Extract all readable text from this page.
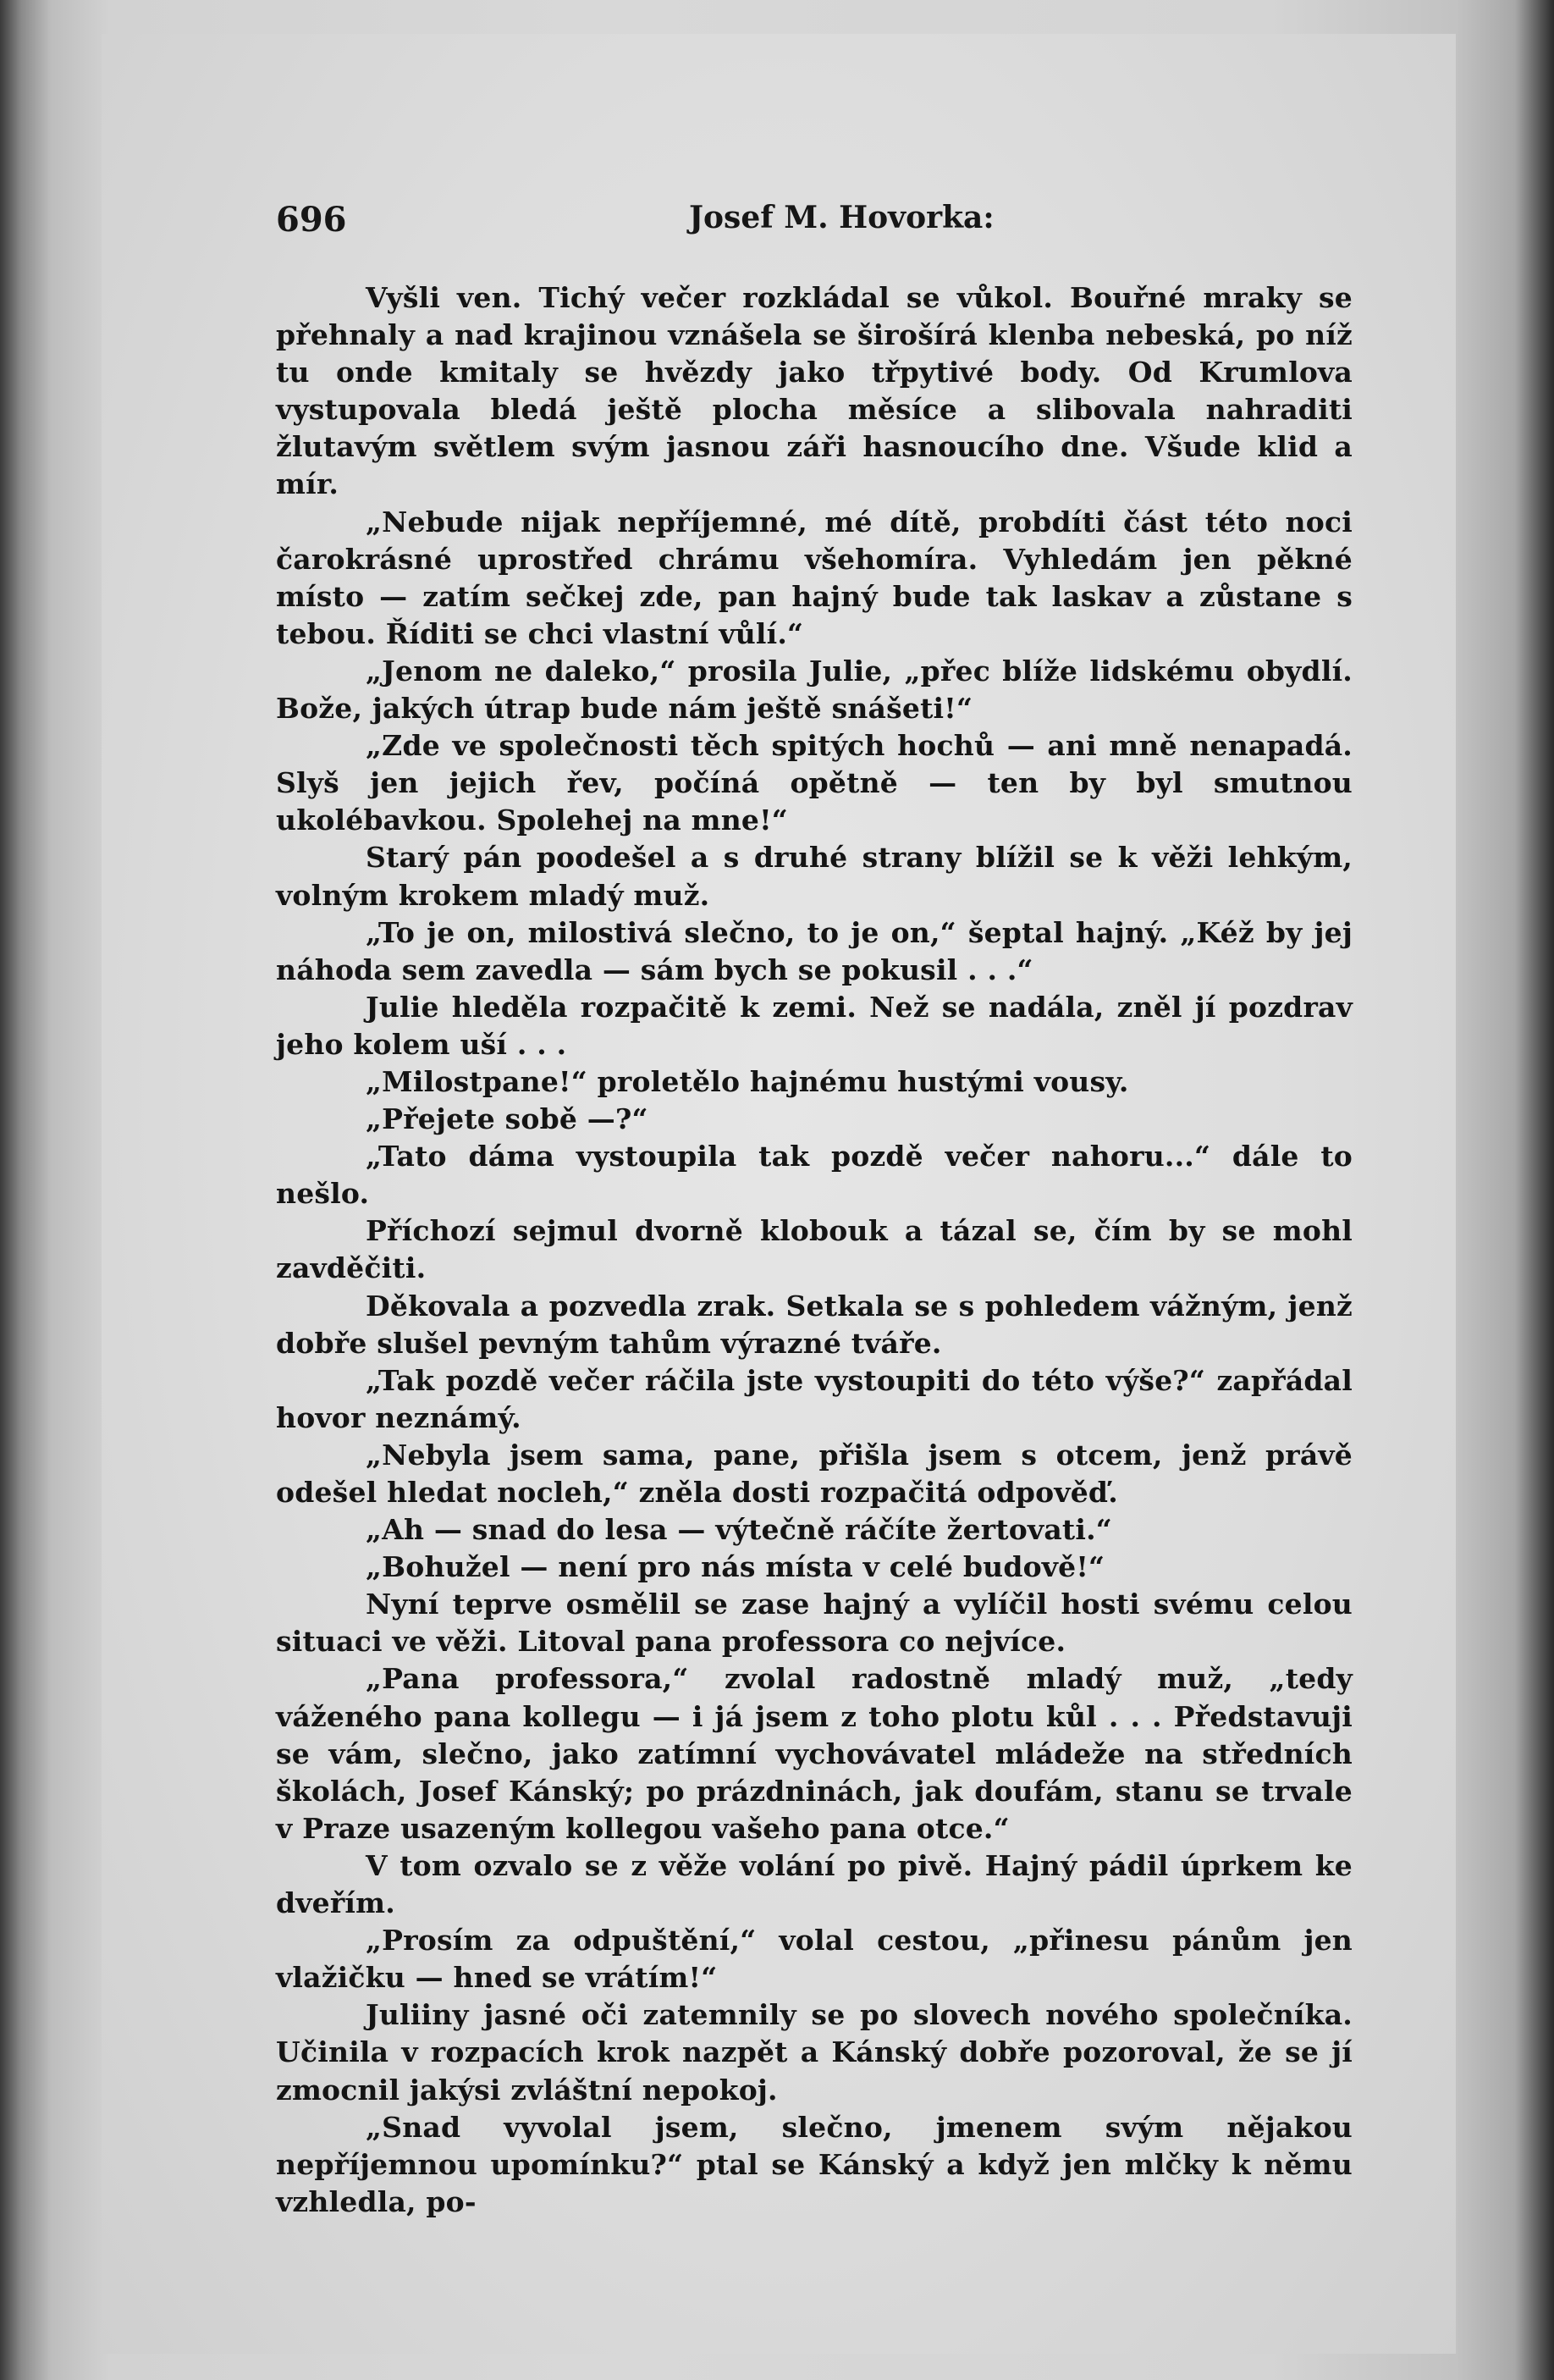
696	Josef M. Hovorka:

Vyšli ven. Tichý večer rozkládal se vůkol. Bouřné mraky se přehnaly a nad krajinou vznášela se širošírá klenba nebeská, po níž tu onde kmitaly se hvězdy jako třpytivé body. Od Krumlova vystupovala bledá ještě plocha měsíce a slibovala nahraditi žlutavým světlem svým jasnou záři hasnoucího dne. Všude klid a mír.

„Nebude nijak nepříjemné, mé dítě, probdíti část této noci čarokrásné uprostřed chrámu všehomíra. Vyhledám jen pěkné místo — zatím sečkej zde, pan hajný bude tak laskav a zůstane s tebou. Říditi se chci vlastní vůlí.“

„Jenom ne daleko,“ prosila Julie, „přec blíže lidskému obydlí. Bože, jakých útrap bude nám ještě snášeti!“

„Zde ve společnosti těch spitých hochů — ani mně nenapadá. Slyš jen jejich řev, počíná opětně — ten by byl smutnou ukolébavkou. Spolehej na mne!“

Starý pán poodešel a s druhé strany blížil se k věži lehkým, volným krokem mladý muž.

„To je on, milostivá slečno, to je on,“ šeptal hajný. „Kéž by jej náhoda sem zavedla — sám bych se pokusil . . .“

Julie hleděla rozpačitě k zemi. Než se nadála, zněl jí pozdrav jeho kolem uší . . .

„Milostpane!“ proletělo hajnému hustými vousy.

„Přejete sobě —?“

„Tato dáma vystoupila tak pozdě večer nahoru...“ dále to nešlo.

Příchozí sejmul dvorně klobouk a tázal se, čím by se mohl zavděčiti.

Děkovala a pozvedla zrak. Setkala se s pohledem vážným, jenž dobře slušel pevným tahům výrazné tváře.

„Tak pozdě večer ráčila jste vystoupiti do této výše?“ zapřádal hovor neznámý.

„Nebyla jsem sama, pane, přišla jsem s otcem, jenž právě odešel hledat nocleh,“ zněla dosti rozpačitá odpověď.

„Ah — snad do lesa — výtečně ráčíte žertovati.“

„Bohužel — není pro nás místa v celé budově!“

Nyní teprve osmělil se zase hajný a vylíčil hosti svému celou situaci ve věži. Litoval pana professora co nejvíce.

„Pana professora,“ zvolal radostně mladý muž, „tedy váženého pana kollegu — i já jsem z toho plotu kůl . . . Představuji se vám, slečno, jako zatímní vychovávatel mládeže na středních školách, Josef Kánský; po prázdninách, jak doufám, stanu se trvale v Praze usazeným kollegou vašeho pana otce.“

V tom ozvalo se z věže volání po pivě. Hajný pádil úprkem ke dveřím.

„Prosím za odpuštění,“ volal cestou, „přinesu pánům jen vlažičku — hned se vrátím!“

Juliiny jasné oči zatemnily se po slovech nového společníka. Učinila v rozpacích krok nazpět a Kánský dobře pozoroval, že se jí zmocnil jakýsi zvláštní nepokoj.

„Snad vyvolal jsem, slečno, jmenem svým nějakou nepříjemnou upomínku?“ ptal se Kánský a když jen mlčky k němu vzhledla, po-
